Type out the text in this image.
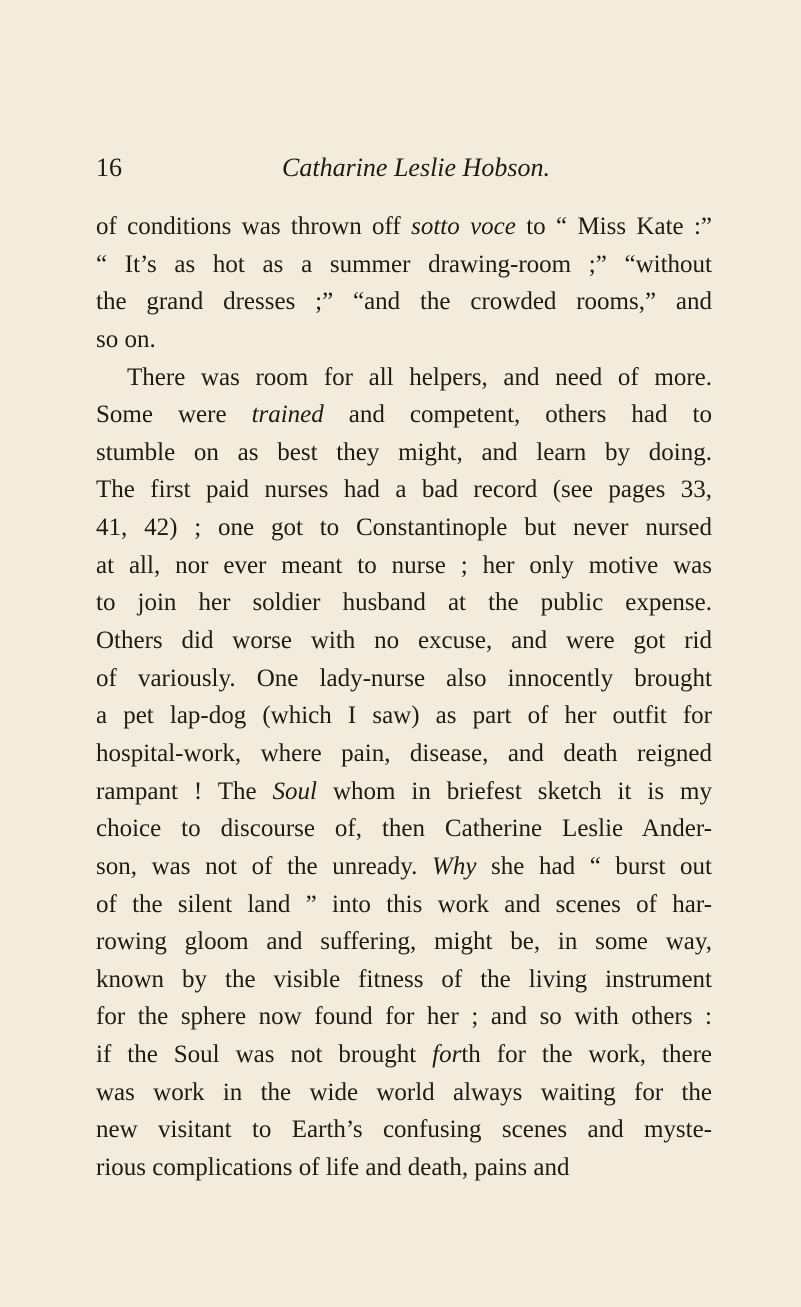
16	Catharine Leslie Hobson.
of conditions was thrown off sotto voce to “ Miss Kate :”
“ It’s as hot as a summer drawing-room ;” “without
the grand dresses ;” “and the crowded rooms,” and
so on.
There was room for all helpers, and need of more.
Some were trained and competent, others had to
stumble on as best they might, and learn by doing.
The first paid nurses had a bad record (see pages 33,
41, 42) ; one got to Constantinople but never nursed
at all, nor ever meant to nurse ; her only motive was
to join her soldier husband at the public expense.
Others did worse with no excuse, and were got rid
of variously. One lady-nurse also innocently brought
a pet lap-dog (which I saw) as part of her outfit for
hospital-work, where pain, disease, and death reigned
rampant ! The Soul whom in briefest sketch it is my
choice to discourse of, then Catherine Leslie Ander-
son, was not of the unready. Why she had “ burst out
of the silent land ” into this work and scenes of har-
rowing gloom and suffering, might be, in some way,
known by the visible fitness of the living instrument
for the sphere now found for her ; and so with others :
if the Soul was not brought forth for the work, there
was work in the wide world always waiting for the
new visitant to Earth’s confusing scenes and myste-
rious complications of life and death, pains and
